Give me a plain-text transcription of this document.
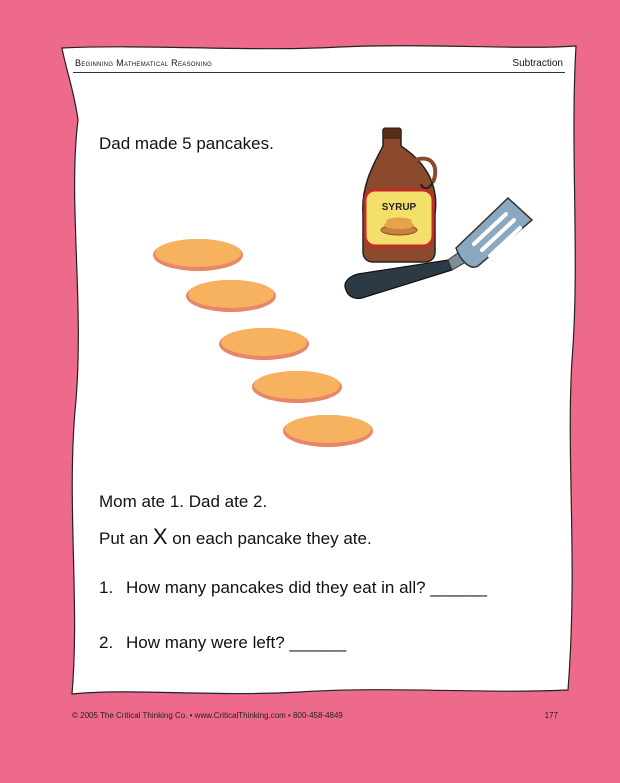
Beginning Mathematical Reasoning	Subtraction
Dad made 5 pancakes.
SYRUP
Mom ate 1. Dad ate 2.
Put an X on each pancake they ate.
1. How many pancakes did they eat in all? ______
2. How many were left? ______
© 2005 The Critical Thinking Co. • www.CriticalThinking.com • 800-458-4849	177
